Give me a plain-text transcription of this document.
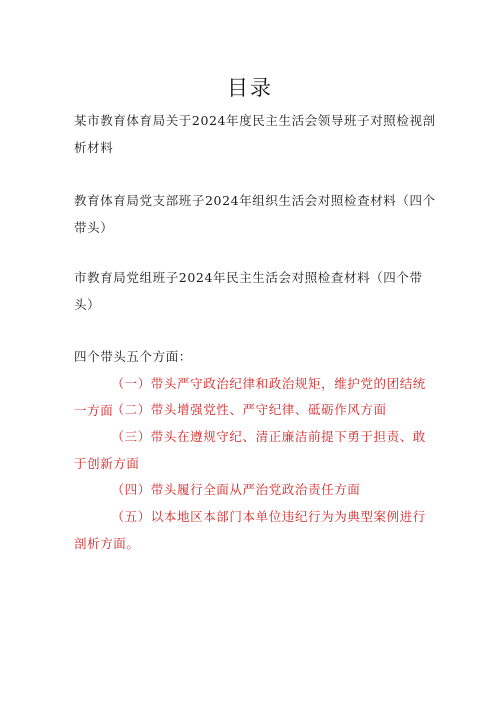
目录
某市教育体育局关于2024年度民主生活会领导班子对照检视剖析材料
教育体育局党支部班子2024年组织生活会对照检查材料（四个带头）
市教育局党组班子2024年民主生活会对照检查材料（四个带头）
四个带头五个方面：
（一）带头严守政治纪律和政治规矩，维护党的团结统一方面
（二）带头增强党性、严守纪律、砥砺作风方面
（三）带头在遵规守纪、清正廉洁前提下勇于担责、敢于创新方面
（四）带头履行全面从严治党政治责任方面
（五）以本地区本部门本单位违纪行为为典型案例进行剖析方面。
